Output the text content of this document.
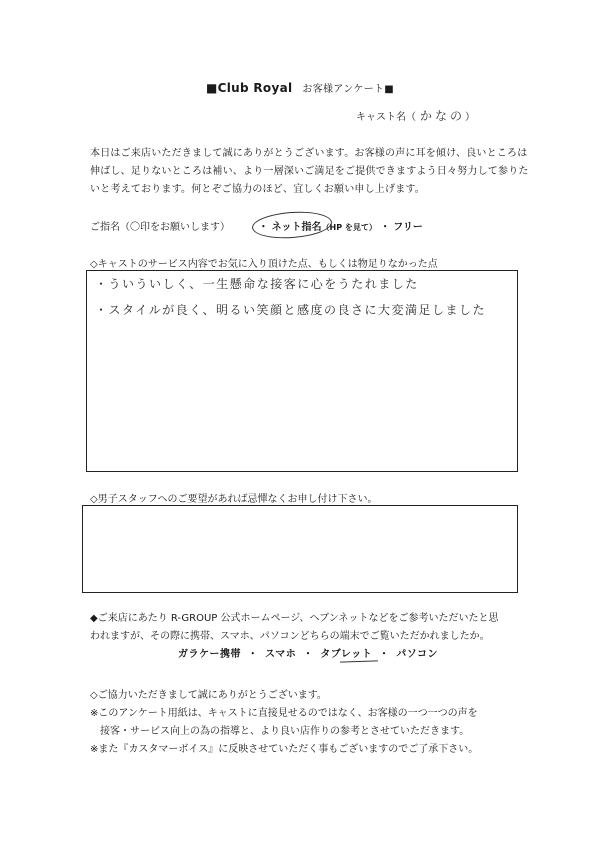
■Club Royal お客様アンケート■
キャスト名（ かなの）
本日はご来店いただきまして誠にありがとうございます。お客様の声に耳を傾け、良いところは伸ばし、足りないところは補い、より一層深いご満足をご提供できますよう日々努力して参りたいと考えております。何とぞご協力のほど、宜しくお願い申し上げます。
ご指名（〇印をお願いします）	・ ネット指名（HP を見て） ・ フリー
◇キャストのサービス内容でお気に入り頂けた点、もしくは物足りなかった点
・ういういしく、一生懸命な接客に心をうたれました
・スタイルが良く、明るい笑顔と感度の良さに大変満足しました
◇男子スタッフへのご要望があれば忌憚なくお申し付け下さい。
◆ご来店にあたり R-GROUP 公式ホームページ、ヘブンネットなどをご参考いただいたと思
われますが、その際に携帯、スマホ、パソコンどちらの端末でご覧いただかれましたか。
ガラケー携帯 ・ スマホ ・ タブレット ・ パソコン
◇ご協力いただきまして誠にありがとうございます。
※このアンケート用紙は、キャストに直接見せるのではなく、お客様の一つ一つの声を
接客・サービス向上の為の指導と、より良い店作りの参考とさせていただきます。
※また『カスタマーボイス』に反映させていただく事もございますのでご了承下さい。
